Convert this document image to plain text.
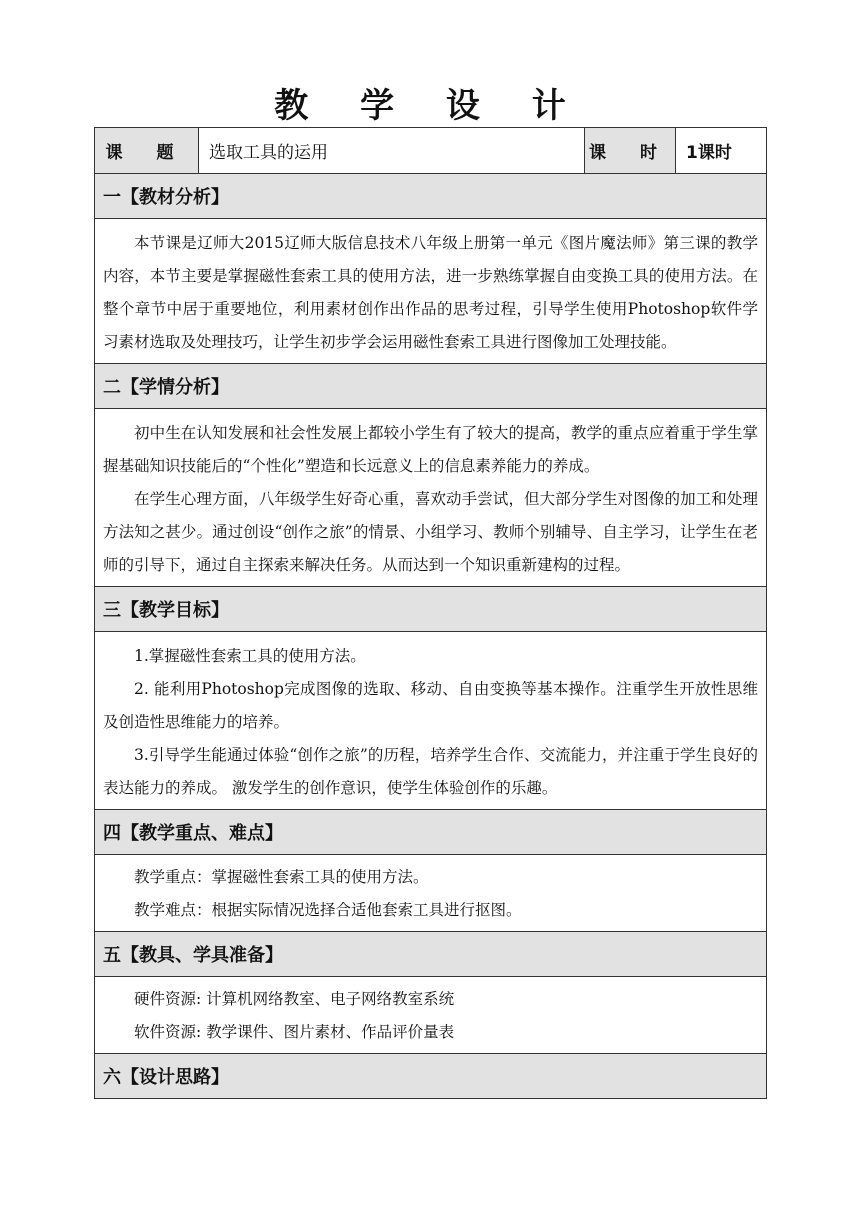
教 学 设 计
课 题	选取工具的运用	课 时	1课时
一【教材分析】

本节课是辽师大2015辽师大版信息技术八年级上册第一单元《图片魔法师》第三课的教学内容，本节主要是掌握磁性套索工具的使用方法，进一步熟练掌握自由变换工具的使用方法。在整个章节中居于重要地位，利用素材创作出作品的思考过程，引导学生使用Photoshop软件学习素材选取及处理技巧，让学生初步学会运用磁性套索工具进行图像加工处理技能。

二【学情分析】

初中生在认知发展和社会性发展上都较小学生有了较大的提高，教学的重点应着重于学生掌握基础知识技能后的“个性化”塑造和长远意义上的信息素养能力的养成。

在学生心理方面，八年级学生好奇心重，喜欢动手尝试，但大部分学生对图像的加工和处理方法知之甚少。通过创设“创作之旅”的情景、小组学习、教师个别辅导、自主学习，让学生在老师的引导下，通过自主探索来解决任务。从而达到一个知识重新建构的过程。

三【教学目标】

1.掌握磁性套索工具的使用方法。

2. 能利用Photoshop完成图像的选取、移动、自由变换等基本操作。注重学生开放性思维及创造性思维能力的培养。

3.引导学生能通过体验“创作之旅”的历程，培养学生合作、交流能力，并注重于学生良好的表达能力的养成。 激发学生的创作意识，使学生体验创作的乐趣。

四【教学重点、难点】

教学重点：掌握磁性套索工具的使用方法。

教学难点：根据实际情况选择合适他套索工具进行抠图。

五【教具、学具准备】

硬件资源: 计算机网络教室、电子网络教室系统

软件资源: 教学课件、图片素材、作品评价量表

六【设计思路】
